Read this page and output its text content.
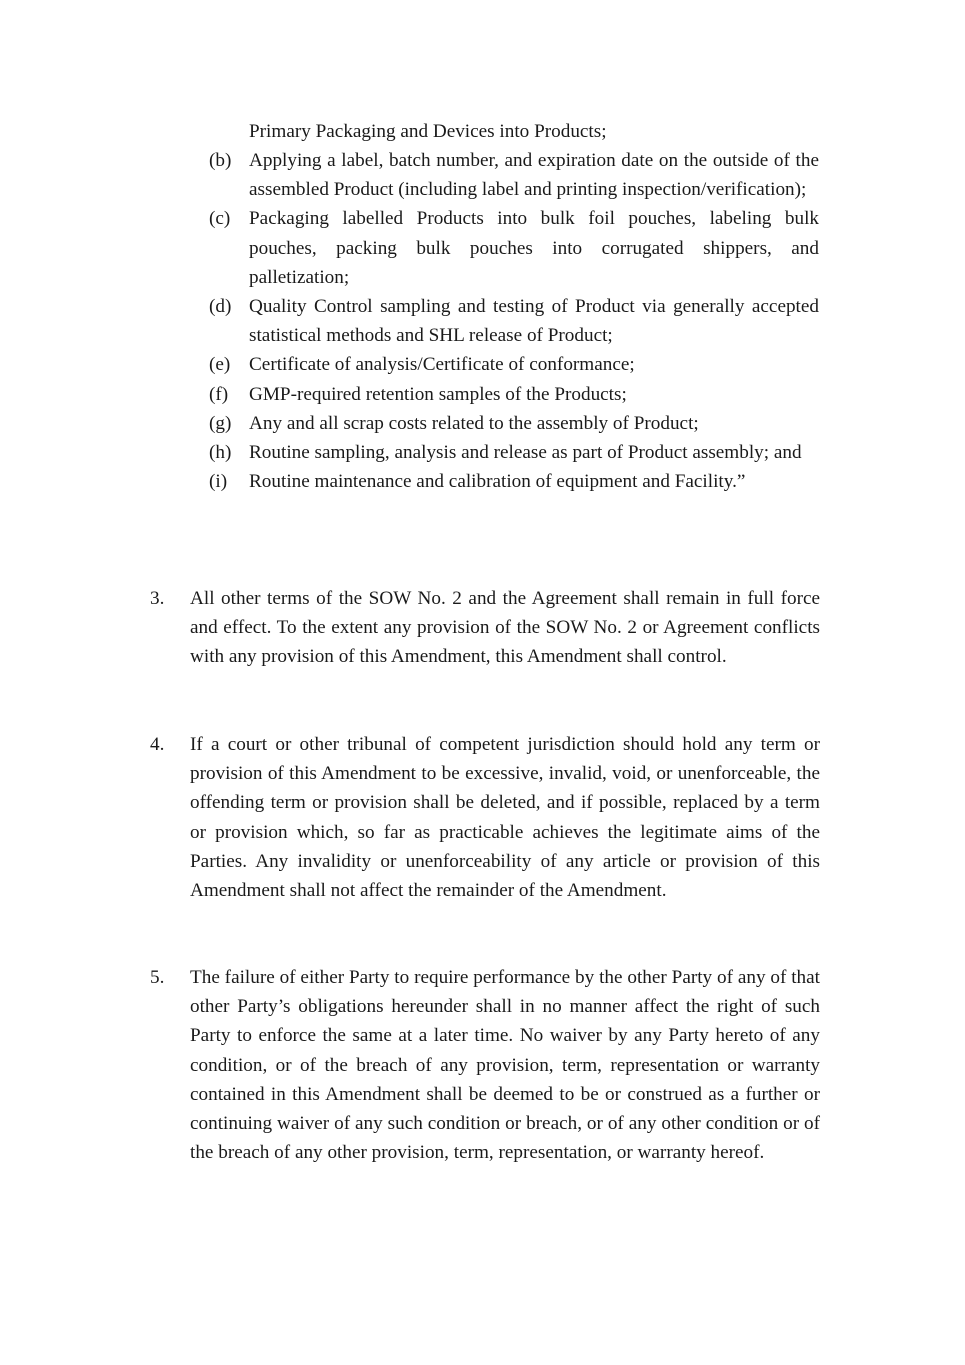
Primary Packaging and Devices into Products;

(b) Applying a label, batch number, and expiration date on the outside of the assembled Product (including label and printing inspection/verification);
(c) Packaging labelled Products into bulk foil pouches, labeling bulk pouches, packing bulk pouches into corrugated shippers, and palletization;
(d) Quality Control sampling and testing of Product via generally accepted statistical methods and SHL release of Product;
(e) Certificate of analysis/Certificate of conformance;
(f)	GMP-required retention samples of the Products;
(g) Any and all scrap costs related to the assembly of Product;
(h) Routine sampling, analysis and release as part of Product assembly; and
(i)	Routine maintenance and calibration of equipment and Facility.”
3.	All other terms of the SOW No. 2 and the Agreement shall remain in full force and effect. To the extent any provision of the SOW No. 2 or Agreement conflicts with any provision of this Amendment, this Amendment shall control.
4.	If a court or other tribunal of competent jurisdiction should hold any term or provision of this Amendment to be excessive, invalid, void, or unenforceable, the offending term or provision shall be deleted, and if possible, replaced by a term or provision which, so far as practicable achieves the legitimate aims of the Parties. Any invalidity or unenforceability of any article or provision of this Amendment shall not affect the remainder of the Amendment.
5.	The failure of either Party to require performance by the other Party of any of that other Party’s obligations hereunder shall in no manner affect the right of such Party to enforce the same at a later time. No waiver by any Party hereto of any condition, or of the breach of any provision, term, representation or warranty contained in this Amendment shall be deemed to be or construed as a further or continuing waiver of any such condition or breach, or of any other condition or of the breach of any other provision, term, representation, or warranty hereof.
